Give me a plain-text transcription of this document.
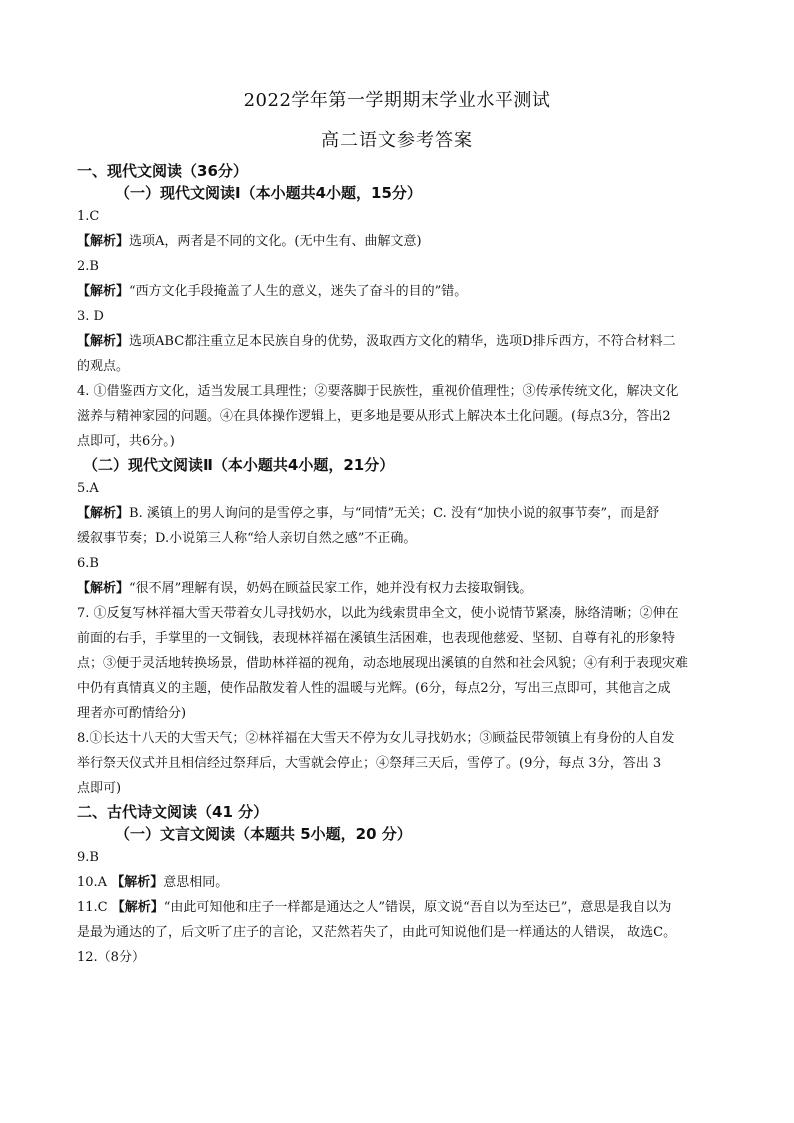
2022学年第一学期期末学业水平测试
高二语文参考答案

一、现代文阅读（36分）

（一）现代文阅读Ⅰ（本小题共4小题，15分）

1.C

【解析】选项A，两者是不同的文化。(无中生有、曲解文意)

2.B

【解析】“西方文化手段掩盖了人生的意义，迷失了奋斗的目的”错。

3. D

【解析】选项ABC都注重立足本民族自身的优势，汲取西方文化的精华，选项D排斥西方，不符合材料二

的观点。

4. ①借鉴西方文化，适当发展工具理性；②要落脚于民族性，重视价值理性；③传承传统文化，解决文化

滋养与精神家园的问题。④在具体操作逻辑上，更多地是要从形式上解决本土化问题。(每点3分，答出2

点即可，共6分。)

（二）现代文阅读Ⅱ（本小题共4小题，21分）

5.A

【解析】B. 溪镇上的男人询问的是雪停之事，与“同情”无关；C. 没有“加快小说的叙事节奏”，而是舒

缓叙事节奏；D.小说第三人称“给人亲切自然之感”不正确。

6.B

【解析】“很不屑”理解有误，奶妈在顾益民家工作，她并没有权力去接取铜钱。

7. ①反复写林祥福大雪天带着女儿寻找奶水，以此为线索贯串全文，使小说情节紧凑，脉络清晰；②伸在

前面的右手，手掌里的一文铜钱，表现林祥福在溪镇生活困难，也表现他慈爱、坚韧、自尊有礼的形象特

点；③便于灵活地转换场景，借助林祥福的视角，动态地展现出溪镇的自然和社会风貌；④有利于表现灾难

中仍有真情真义的主题，使作品散发着人性的温暖与光辉。(6分，每点2分，写出三点即可，其他言之成

理者亦可酌情给分)

8.①长达十八天的大雪天气；②林祥福在大雪天不停为女儿寻找奶水；③顾益民带领镇上有身份的人自发

举行祭天仪式并且相信经过祭拜后，大雪就会停止；④祭拜三天后，雪停了。(9分，每点 3分，答出 3

点即可)

二、古代诗文阅读（41 分）

（一）文言文阅读（本题共 5小题，20 分）

9.B

10.A 【解析】意思相同。

11.C 【解析】“由此可知他和庄子一样都是通达之人”错误，原文说“吾自以为至达已”，意思是我自以为

是最为通达的了，后文听了庄子的言论，又茫然若失了，由此可知说他们是一样通达的人错误， 故选C。

12.（8分）
